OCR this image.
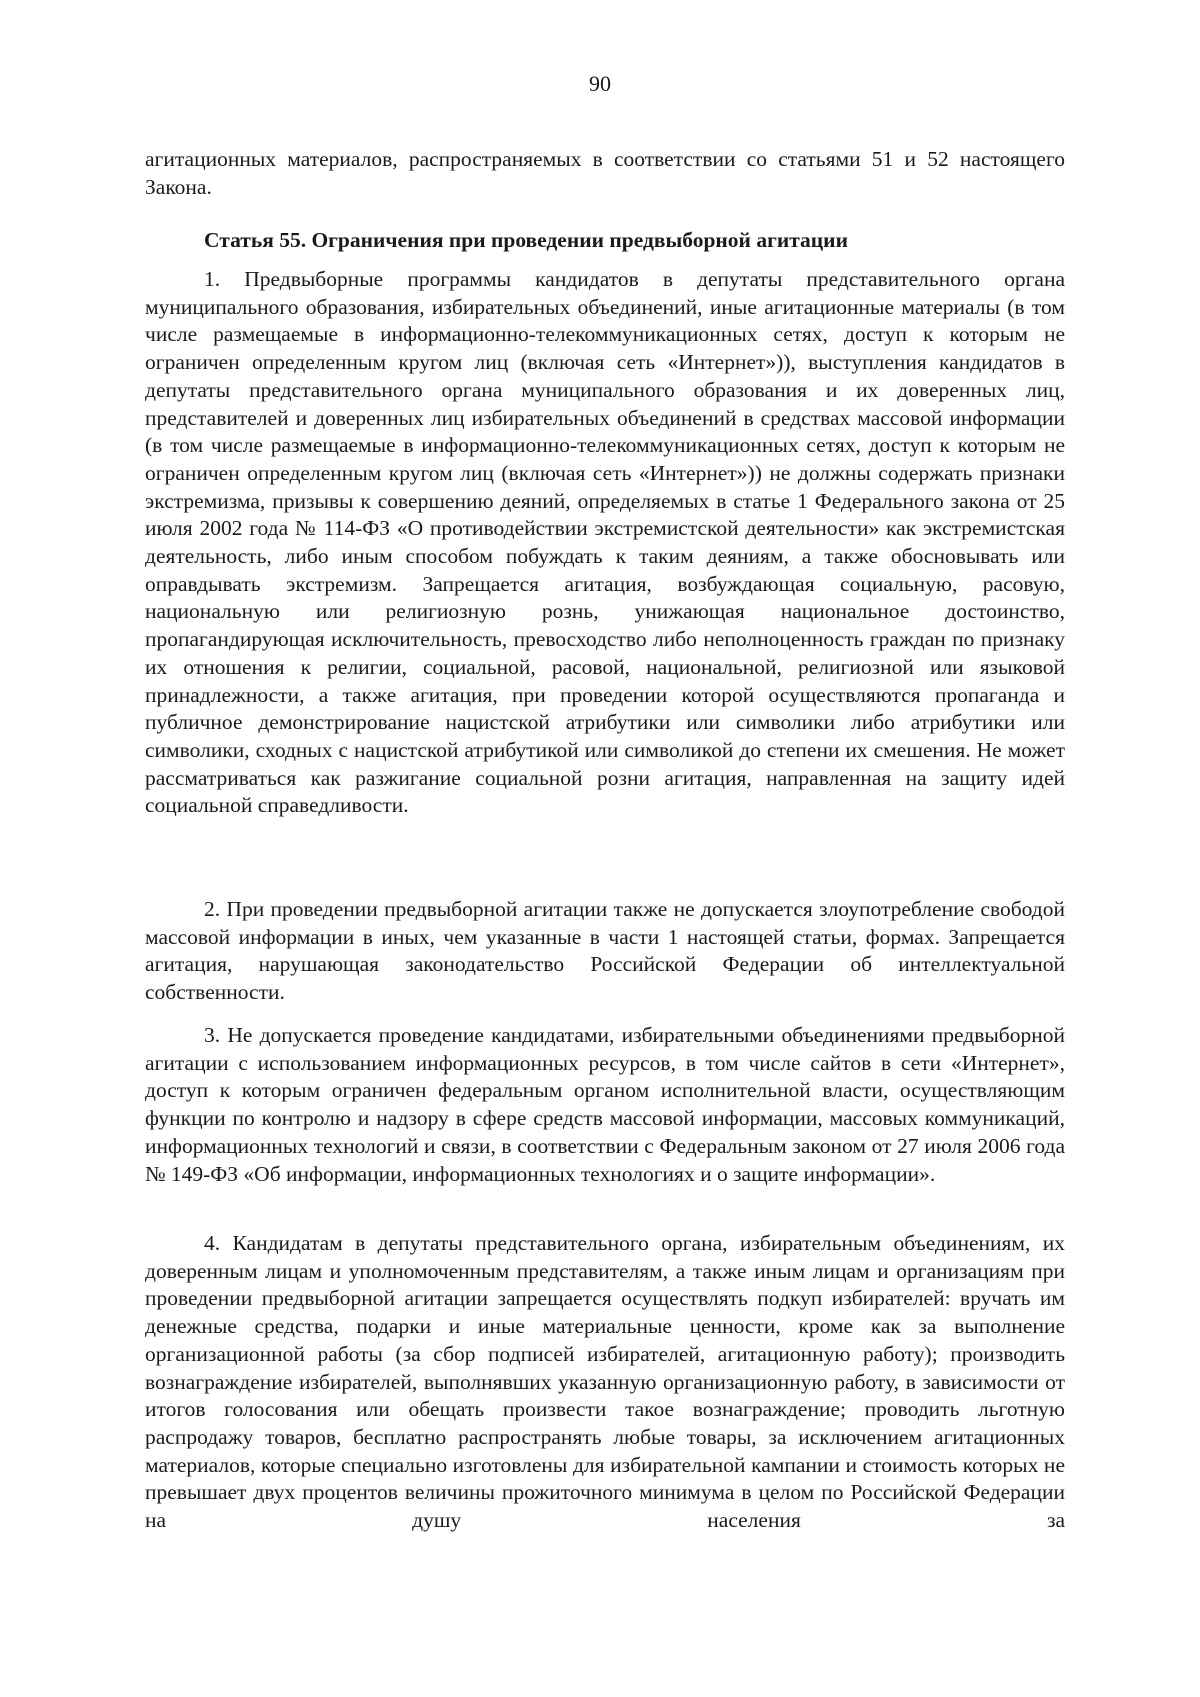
90
агитационных материалов, распространяемых в соответствии со статьями 51 и 52 настоящего Закона.
Статья 55. Ограничения при проведении предвыборной агитации

1. Предвыборные программы кандидатов в депутаты представительного органа муниципального образования, избирательных объединений, иные агитационные материалы (в том числе размещаемые в информационно-телекоммуникационных сетях, доступ к которым не ограничен определенным кругом лиц (включая сеть «Интернет»)), выступления кандидатов в депутаты представительного органа муниципального образования и их доверенных лиц, представителей и доверенных лиц избирательных объединений в средствах массовой информации (в том числе размещаемые в информационно-телекоммуникационных сетях, доступ к которым не ограничен определенным кругом лиц (включая сеть «Интернет»)) не должны содержать признаки экстремизма, призывы к совершению деяний, определяемых в статье 1 Федерального закона от 25 июля 2002 года № 114-ФЗ «О противодействии экстремистской деятельности» как экстремистская деятельность, либо иным способом побуждать к таким деяниям, а также обосновывать или оправдывать экстремизм. Запрещается агитация, возбуждающая социальную, расовую, национальную или религиозную рознь, унижающая национальное достоинство, пропагандирующая исключительность, превосходство либо неполноценность граждан по признаку их отношения к религии, социальной, расовой, национальной, религиозной или языковой принадлежности, а также агитация, при проведении которой осуществляются пропаганда и публичное демонстрирование нацистской атрибутики или символики либо атрибутики или символики, сходных с нацистской атрибутикой или символикой до степени их смешения. Не может рассматриваться как разжигание социальной розни агитация, направленная на защиту идей социальной справедливости.

2. При проведении предвыборной агитации также не допускается злоупотребление свободой массовой информации в иных, чем указанные в части 1 настоящей статьи, формах. Запрещается агитация, нарушающая законодательство Российской Федерации об интеллектуальной собственности.

3. Не допускается проведение кандидатами, избирательными объединениями предвыборной агитации с использованием информационных ресурсов, в том числе сайтов в сети «Интернет», доступ к которым ограничен федеральным органом исполнительной власти, осуществляющим функции по контролю и надзору в сфере средств массовой информации, массовых коммуникаций, информационных технологий и связи, в соответствии с Федеральным законом от 27 июля 2006 года № 149-ФЗ «Об информации, информационных технологиях и о защите информации».

4. Кандидатам в депутаты представительного органа, избирательным объединениям, их доверенным лицам и уполномоченным представителям, а также иным лицам и организациям при проведении предвыборной агитации запрещается осуществлять подкуп избирателей: вручать им денежные средства, подарки и иные материальные ценности, кроме как за выполнение организационной работы (за сбор подписей избирателей, агитационную работу); производить вознаграждение избирателей, выполнявших указанную организационную работу, в зависимости от итогов голосования или обещать произвести такое вознаграждение; проводить льготную распродажу товаров, бесплатно распространять любые товары, за исключением агитационных материалов, которые специально изготовлены для избирательной кампании и стоимость которых не превышает двух процентов величины прожиточного минимума в целом по Российской Федерации на душу населения за
